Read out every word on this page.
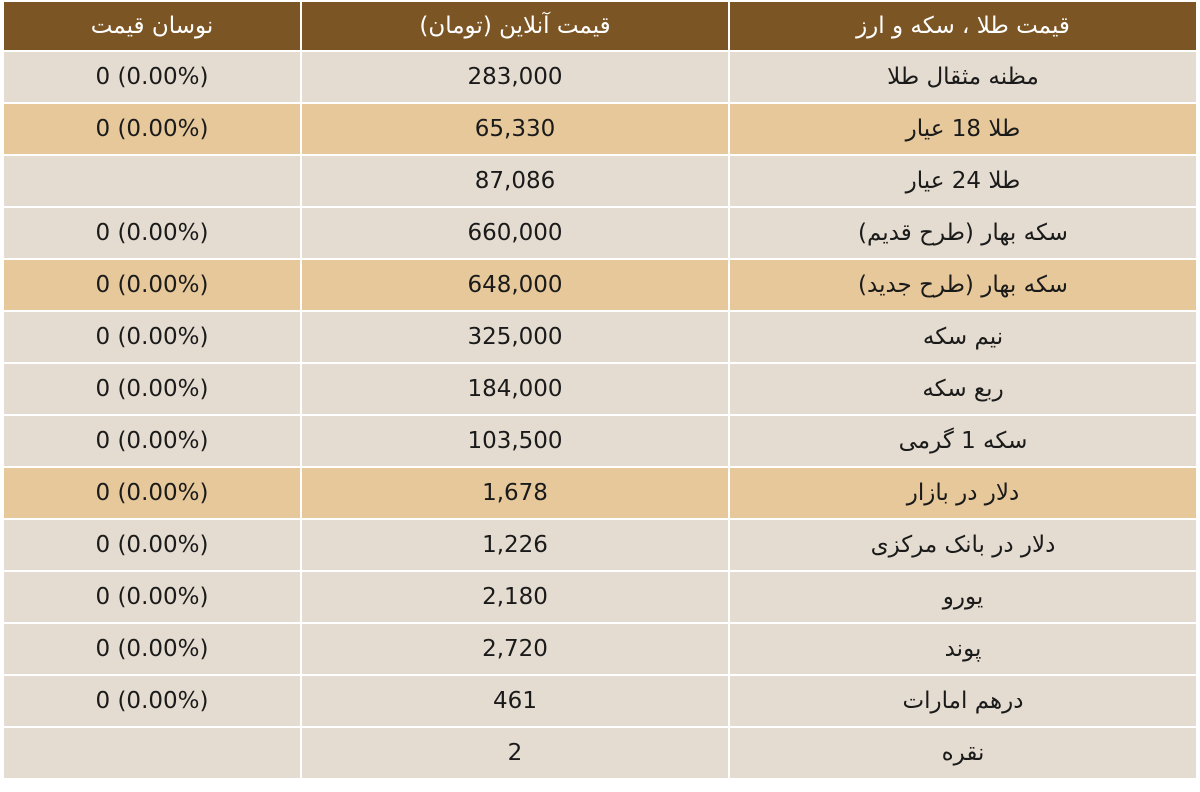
قیمت طلا ، سکه و ارز	قیمت آنلاین (تومان)	نوسان قیمت
مظنه مثقال طلا	283,000	0 (0.00%)
طلا 18 عیار	65,330	0 (0.00%)
طلا 24 عیار	87,086	
سکه بهار (طرح قدیم)	660,000	0 (0.00%)
سکه بهار (طرح جدید)	648,000	0 (0.00%)
نیم سکه	325,000	0 (0.00%)
ربع سکه	184,000	0 (0.00%)
سکه 1 گرمی	103,500	0 (0.00%)
دلار در بازار	1,678	0 (0.00%)
دلار در بانک مرکزی	1,226	0 (0.00%)
یورو	2,180	0 (0.00%)
پوند	2,720	0 (0.00%)
درهم امارات	461	0 (0.00%)
نقره	2	
